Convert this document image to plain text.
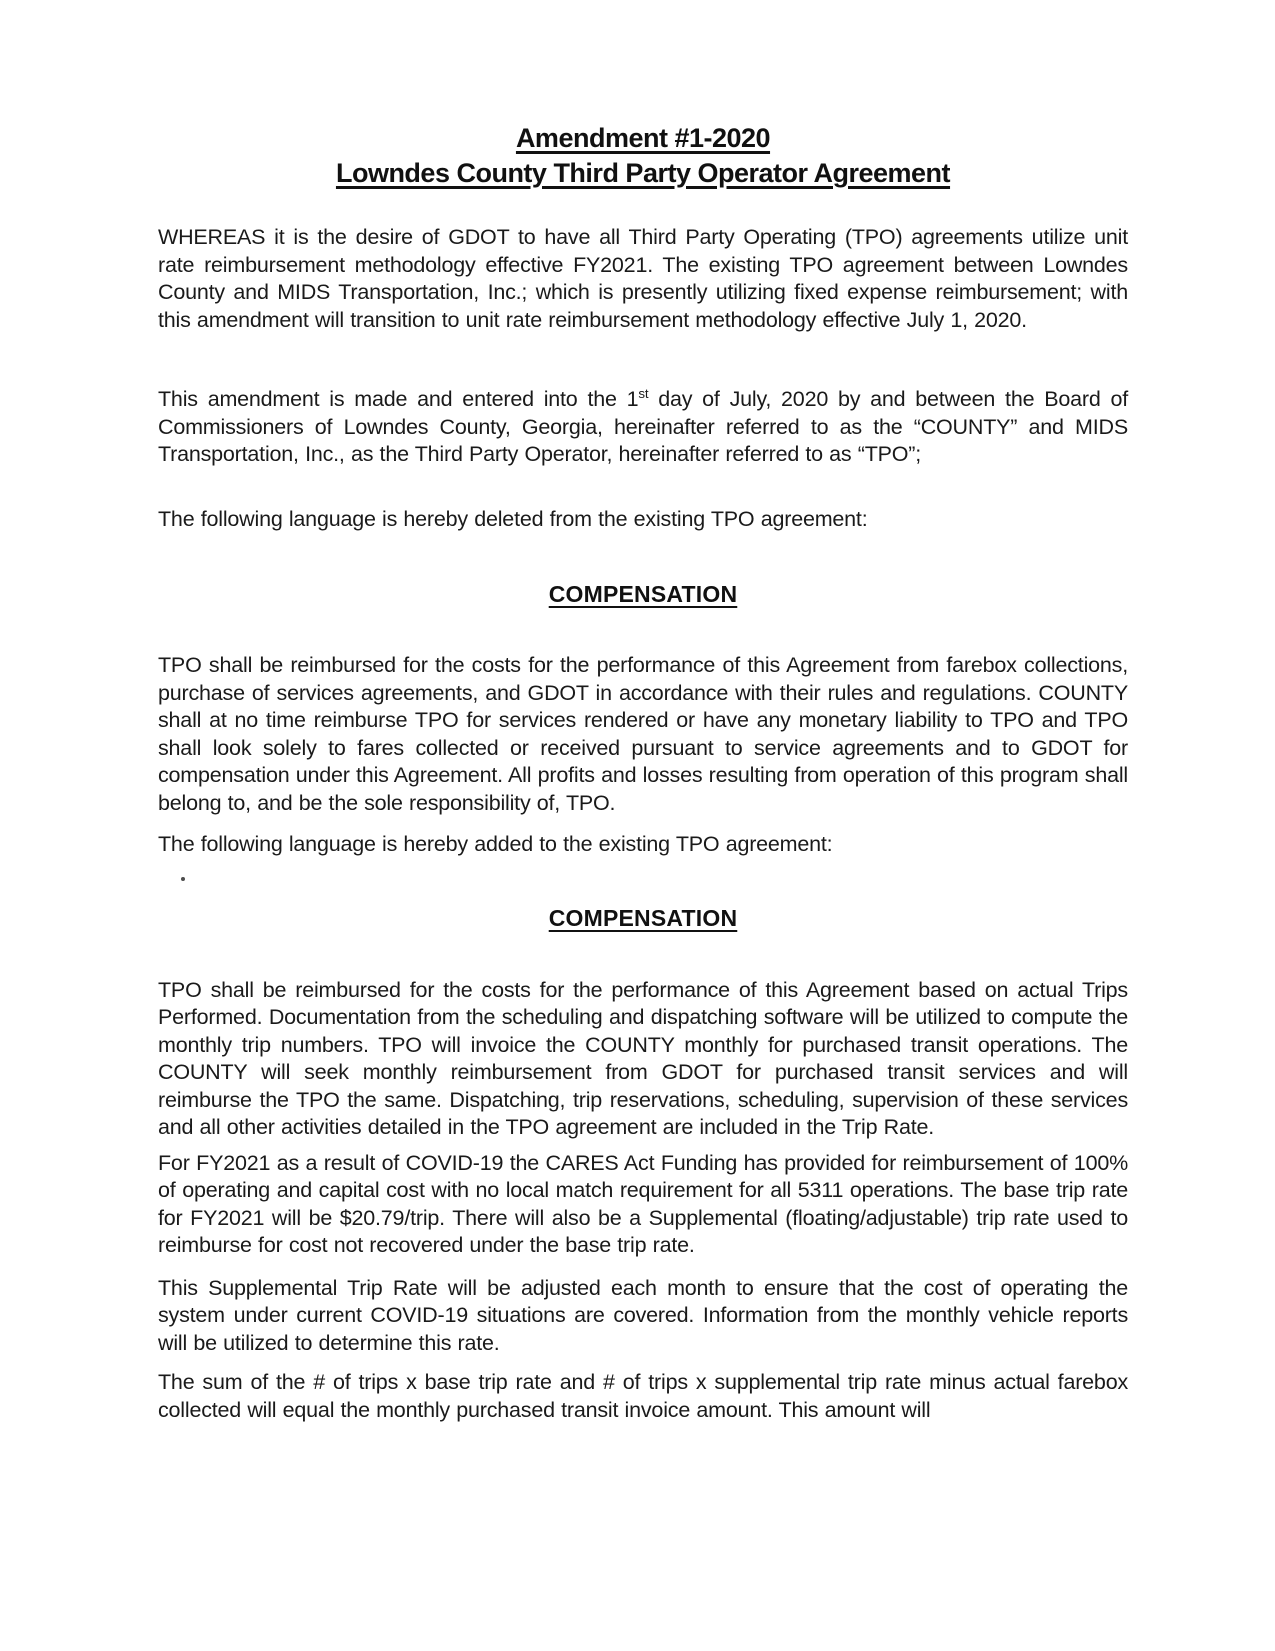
Amendment #1-2020
Lowndes County Third Party Operator Agreement

WHEREAS it is the desire of GDOT to have all Third Party Operating (TPO) agreements utilize unit rate reimbursement methodology effective FY2021. The existing TPO agreement between Lowndes County and MIDS Transportation, Inc.; which is presently utilizing fixed expense reimbursement; with this amendment will transition to unit rate reimbursement methodology effective July 1, 2020.

This amendment is made and entered into the 1st day of July, 2020 by and between the Board of Commissioners of Lowndes County, Georgia, hereinafter referred to as the “COUNTY” and MIDS Transportation, Inc., as the Third Party Operator, hereinafter referred to as “TPO”;

The following language is hereby deleted from the existing TPO agreement:

COMPENSATION

TPO shall be reimbursed for the costs for the performance of this Agreement from farebox collections, purchase of services agreements, and GDOT in accordance with their rules and regulations. COUNTY shall at no time reimburse TPO for services rendered or have any monetary liability to TPO and TPO shall look solely to fares collected or received pursuant to service agreements and to GDOT for compensation under this Agreement. All profits and losses resulting from operation of this program shall belong to, and be the sole responsibility of, TPO.

The following language is hereby added to the existing TPO agreement:

COMPENSATION

TPO shall be reimbursed for the costs for the performance of this Agreement based on actual Trips Performed. Documentation from the scheduling and dispatching software will be utilized to compute the monthly trip numbers. TPO will invoice the COUNTY monthly for purchased transit operations. The COUNTY will seek monthly reimbursement from GDOT for purchased transit services and will reimburse the TPO the same. Dispatching, trip reservations, scheduling, supervision of these services and all other activities detailed in the TPO agreement are included in the Trip Rate.

For FY2021 as a result of COVID-19 the CARES Act Funding has provided for reimbursement of 100% of operating and capital cost with no local match requirement for all 5311 operations. The base trip rate for FY2021 will be $20.79/trip. There will also be a Supplemental (floating/adjustable) trip rate used to reimburse for cost not recovered under the base trip rate.

This Supplemental Trip Rate will be adjusted each month to ensure that the cost of operating the system under current COVID-19 situations are covered. Information from the monthly vehicle reports will be utilized to determine this rate.

The sum of the # of trips x base trip rate and # of trips x supplemental trip rate minus actual farebox collected will equal the monthly purchased transit invoice amount. This amount will
